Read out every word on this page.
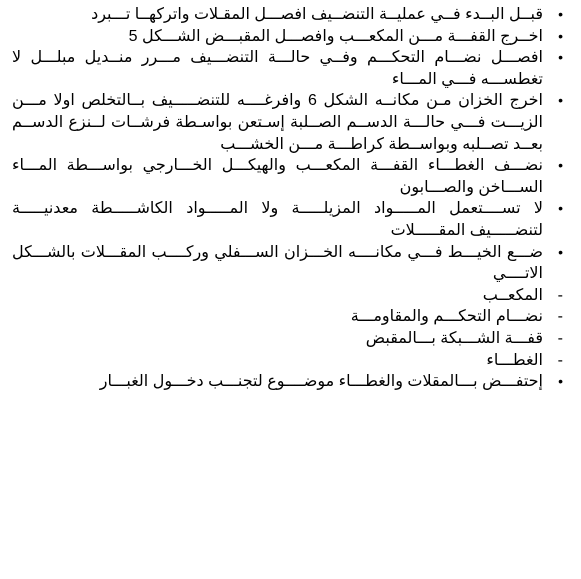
•
قبــل البــدء فــي عمليــة التنضــيف افصـــل المقـلات واتركهــا تـــبرد
•
اخــرج القفـــة مـــن المكعـــب وافصـــل المقبـــض الشـــكل 5
•
افصـــل نضـــام التحكـــم وفــي حالـــة التنضـــيف مـــرر منــديل مبلـــل لا تغطســـه فـــي المـــاء
•
اخرج الخزان مـن مكانــه الشكل 6 وافرغــــه للتنضـــــيف بــالتخلص اولا مـــن الزيـــت فـــي حالـــة الدســم الصــلبة إسـتعن بواسـطة فرشــات لــنزع الدســم بعــد تصــلبه وبواســطة كراطـــة مـــن الخشـــب
•
نضـــف الغطـــاء القفـــة المكعـــب والهيكـــل الخـــارجي بواســـطة المـــاء الســـاخن والصـــابون
•
لا تســــتعمل المـــــواد المزيلـــــة ولا المـــــواد الكاشـــــطة معدنيـــــة لتنضـــــيف المقـــــلات
•
ضـــع الخيـــط فـــي مكانــــه الخـــزان الســـفلي وركــــب المقـــلات بالشـــكل الاتــــي
-
المكعــب
-
نضـــام التحكـــم والمقاومـــة
-
قفـــة الشـــبكة بـــالمقبض
-
الغطـــاء
•
إحتفـــض بـــالمقلات والغطـــاء موضــــوع لتجنـــب دخـــول الغبـــار
